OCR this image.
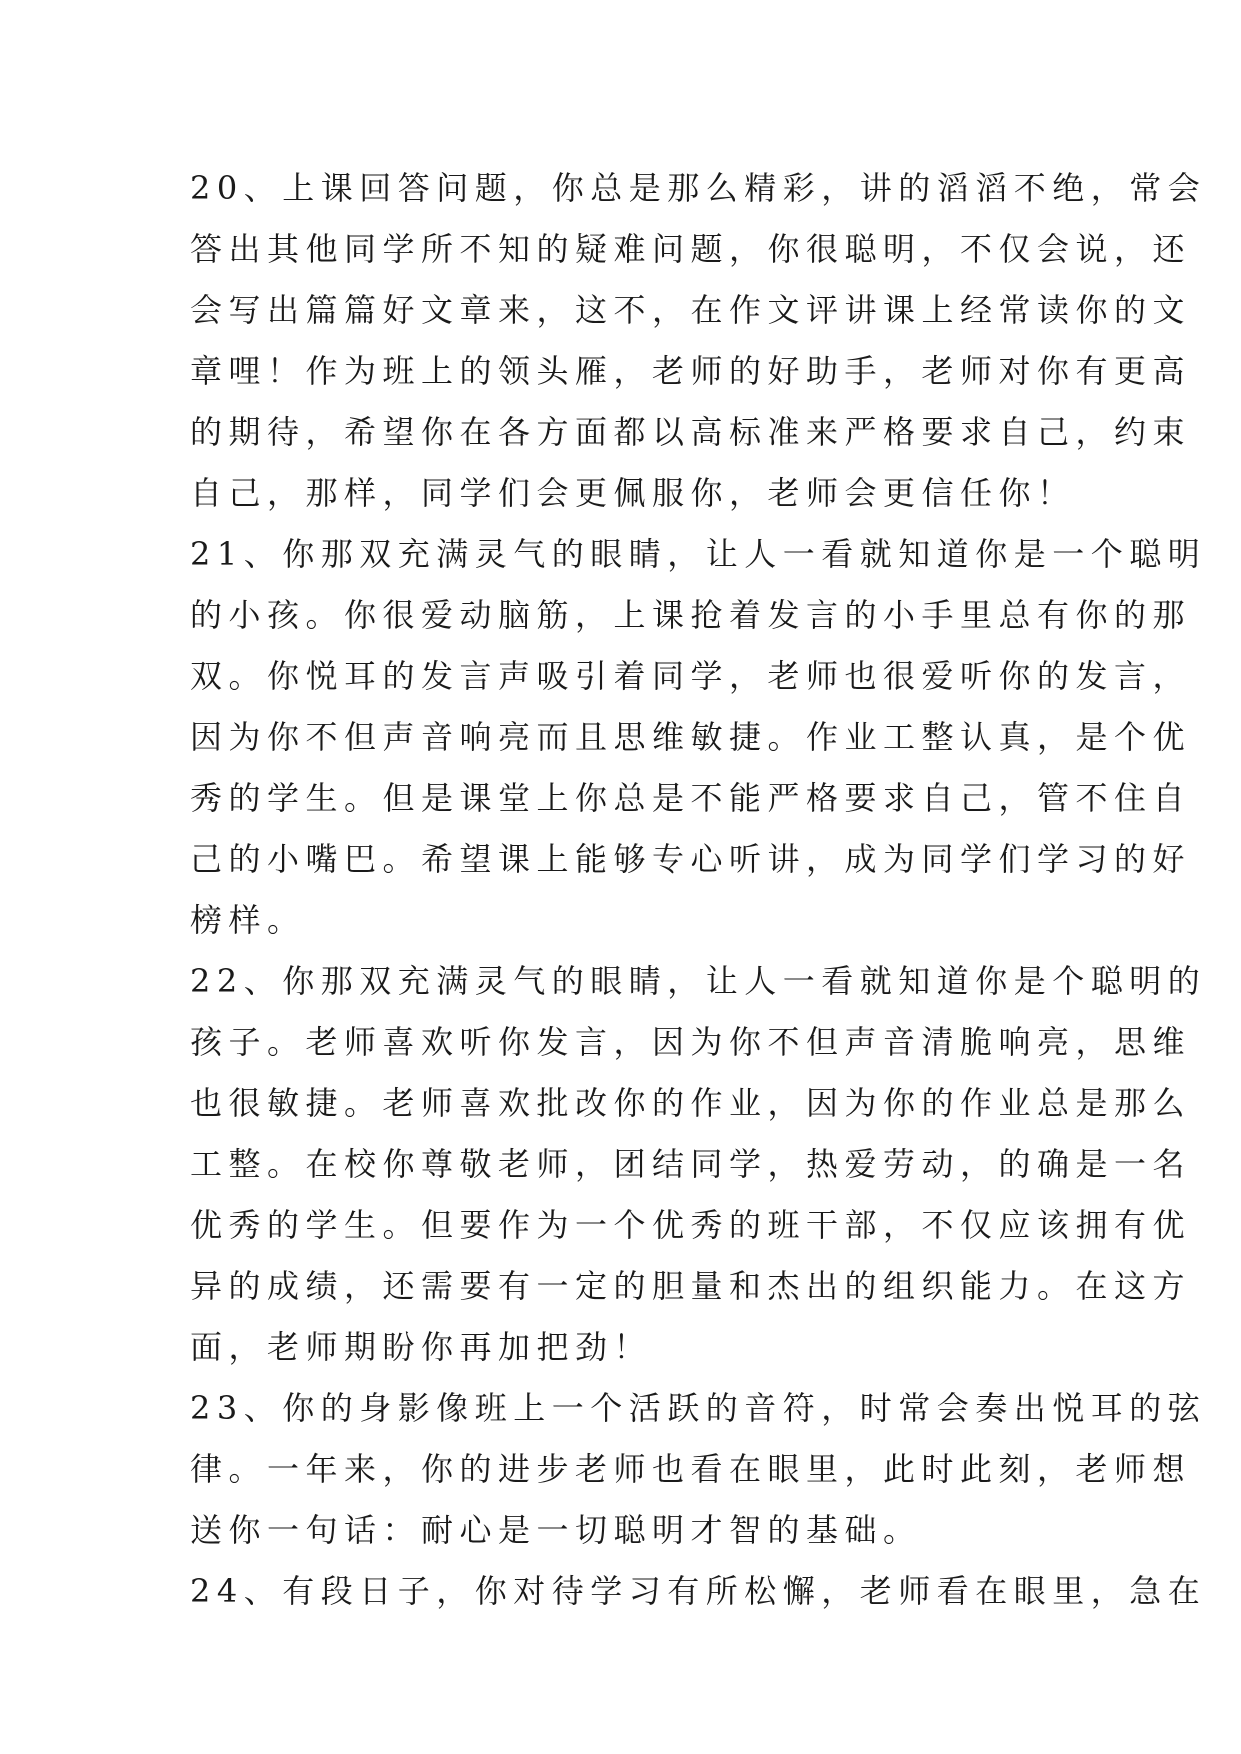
20、上课回答问题，你总是那么精彩，讲的滔滔不绝，常会
答出其他同学所不知的疑难问题，你很聪明，不仅会说，还
会写出篇篇好文章来，这不，在作文评讲课上经常读你的文
章哩！作为班上的领头雁，老师的好助手，老师对你有更高
的期待，希望你在各方面都以高标准来严格要求自己，约束
自己，那样，同学们会更佩服你，老师会更信任你！

21、你那双充满灵气的眼睛，让人一看就知道你是一个聪明
的小孩。你很爱动脑筋，上课抢着发言的小手里总有你的那
双。你悦耳的发言声吸引着同学，老师也很爱听你的发言，
因为你不但声音响亮而且思维敏捷。作业工整认真，是个优
秀的学生。但是课堂上你总是不能严格要求自己，管不住自
己的小嘴巴。希望课上能够专心听讲，成为同学们学习的好
榜样。

22、你那双充满灵气的眼睛，让人一看就知道你是个聪明的
孩子。老师喜欢听你发言，因为你不但声音清脆响亮，思维
也很敏捷。老师喜欢批改你的作业，因为你的作业总是那么
工整。在校你尊敬老师，团结同学，热爱劳动，的确是一名
优秀的学生。但要作为一个优秀的班干部，不仅应该拥有优
异的成绩，还需要有一定的胆量和杰出的组织能力。在这方
面，老师期盼你再加把劲！

23、你的身影像班上一个活跃的音符，时常会奏出悦耳的弦
律。一年来，你的进步老师也看在眼里，此时此刻，老师想
送你一句话：耐心是一切聪明才智的基础。

24、有段日子，你对待学习有所松懈，老师看在眼里，急在
